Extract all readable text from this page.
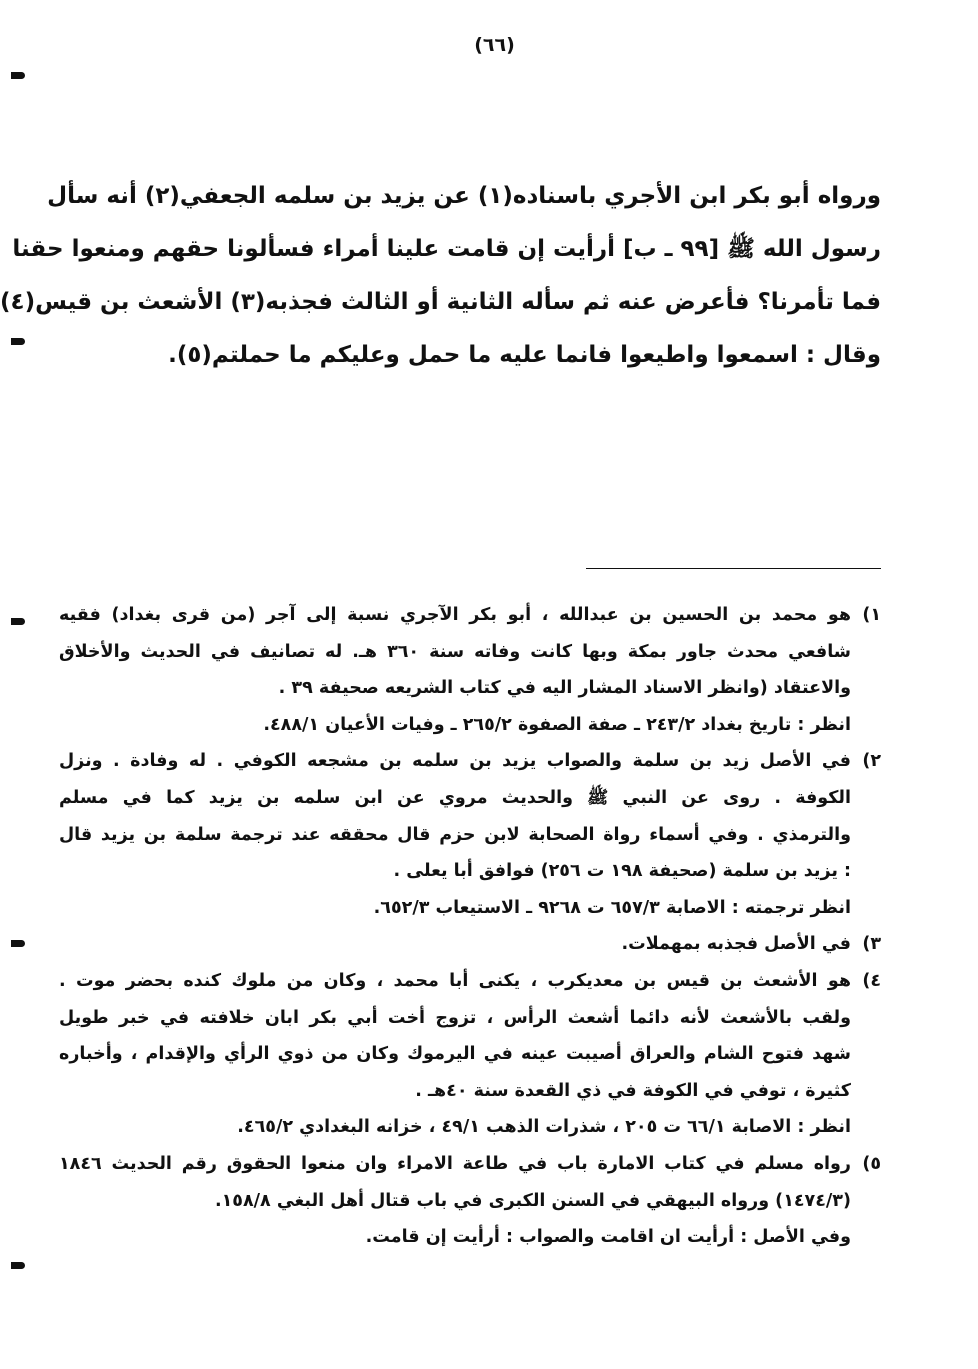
(٦٦)
ورواه أبو بكر ابن الأجري باسناده(١) عن يزيد بن سلمه الجعفي(٢) أنه سأل
رسول الله ﷺ [٩٩ ـ ب] أرأيت إن قامت علينا أمراء فسألونا حقهم ومنعوا حقنا
فما تأمرنا؟ فأعرض عنه ثم سأله الثانية أو الثالث فجذبه(٣) الأشعث بن قيس(٤)
وقال : اسمعوا واطيعوا فانما عليه ما حمل وعليكم ما حملتم(٥).
١)هو محمد بن الحسين بن عبدالله ، أبو بكر الآجري نسبة إلى آجر (من قرى بغداد) فقيه
شافعي محدث جاور بمكة وبها كانت وفاته سنة ٣٦٠ هـ. له تصانيف في الحديث والأخلاق
والاعتقاد (وانظر الاسناد المشار اليه في كتاب الشريعه صحيفة ٣٩ .
انظر : تاريخ بغداد ٢٤٣/٢ ـ صفة الصفوة ٢٦٥/٢ ـ وفيات الأعيان ٤٨٨/١.
٢)في الأصل زيد بن سلمة والصواب يزيد بن سلمه بن مشجعه الكوفي . له وفادة . ونزل
الكوفة . روى عن النبي ﷺ والحديث مروي عن ابن سلمه بن يزيد كما في مسلم
والترمذي . وفي أسماء رواة الصحابة لابن حزم قال محققه عند ترجمة سلمة بن يزيد قال
: يزيد بن سلمة (صحيفة ١٩٨ ت ٢٥٦) فوافق أبا يعلى .
انظر ترجمته : الاصابة ٦٥٧/٣ ت ٩٢٦٨ ـ الاستيعاب ٦٥٢/٣.
٣)في الأصل فجذبه بمهملات.
٤)هو الأشعث بن قيس بن معديكرب ، يكنى أبا محمد ، وكان من ملوك كنده بحضر موت .
ولقب بالأشعث لأنه دائما أشعث الرأس ، تزوج أخت أبي بكر ابان خلافته في خبر طويل
شهد فتوح الشام والعراق أصيبت عينه في اليرموك وكان من ذوي الرأي والإقدام ، وأخباره
كثيرة ، توفي في الكوفة في ذي القعدة سنة ٤٠هـ .
انظر : الاصابة ٦٦/١ ت ٢٠٥ ، شذرات الذهب ٤٩/١ ، خزانه البغدادي ٤٦٥/٢.
٥)رواه مسلم في كتاب الامارة باب في طاعة الامراء وان منعوا الحقوق رقم الحديث ١٨٤٦
(١٤٧٤/٣) ورواه البيهقي في السنن الكبرى في باب قتال أهل البغي ١٥٨/٨.
وفي الأصل : أرأيت ان اقامت والصواب : أرأيت إن قامت.
